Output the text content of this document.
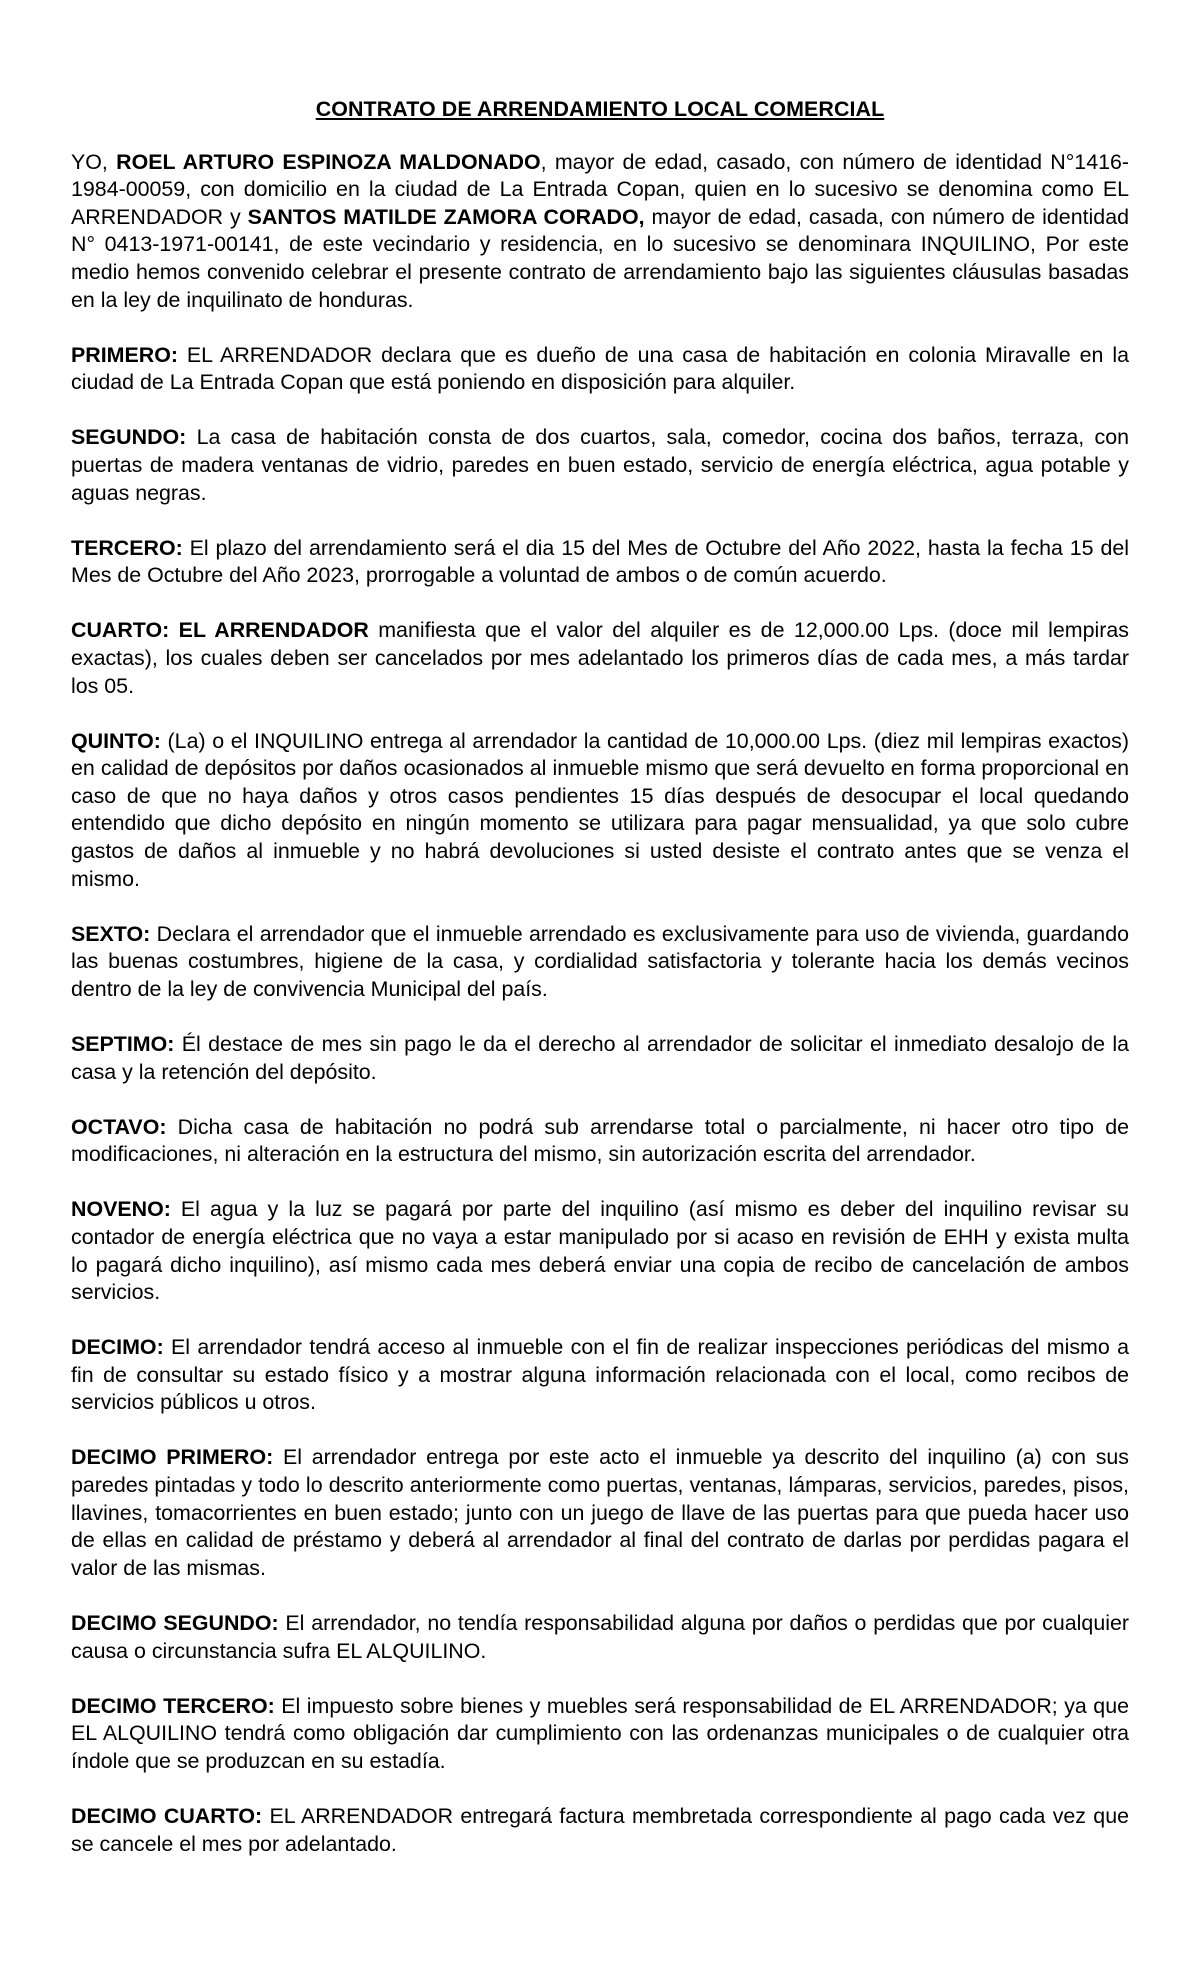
CONTRATO DE ARRENDAMIENTO LOCAL COMERCIAL

YO, ROEL ARTURO ESPINOZA MALDONADO, mayor de edad, casado, con número de identidad N°1416-1984-00059, con domicilio en la ciudad de La Entrada Copan, quien en lo sucesivo se denomina como EL ARRENDADOR y SANTOS MATILDE ZAMORA CORADO, mayor de edad, casada, con número de identidad N° 0413-1971-00141, de este vecindario y residencia, en lo sucesivo se denominara INQUILINO, Por este medio hemos convenido celebrar el presente contrato de arrendamiento bajo las siguientes cláusulas basadas en la ley de inquilinato de honduras.

PRIMERO: EL ARRENDADOR declara que es dueño de una casa de habitación en colonia Miravalle en la ciudad de La Entrada Copan que está poniendo en disposición para alquiler.

SEGUNDO: La casa de habitación consta de dos cuartos, sala, comedor, cocina dos baños, terraza, con puertas de madera ventanas de vidrio, paredes en buen estado, servicio de energía eléctrica, agua potable y aguas negras.

TERCERO: El plazo del arrendamiento será el dia 15 del Mes de Octubre del Año 2022, hasta la fecha 15 del Mes de Octubre del Año 2023, prorrogable a voluntad de ambos o de común acuerdo.

CUARTO: EL ARRENDADOR manifiesta que el valor del alquiler es de 12,000.00 Lps. (doce mil lempiras exactas), los cuales deben ser cancelados por mes adelantado los primeros días de cada mes, a más tardar los 05.

QUINTO: (La) o el INQUILINO entrega al arrendador la cantidad de 10,000.00 Lps. (diez mil lempiras exactos) en calidad de depósitos por daños ocasionados al inmueble mismo que será devuelto en forma proporcional en caso de que no haya daños y otros casos pendientes 15 días después de desocupar el local quedando entendido que dicho depósito en ningún momento se utilizara para pagar mensualidad, ya que solo cubre gastos de daños al inmueble y no habrá devoluciones si usted desiste el contrato antes que se venza el mismo.

SEXTO: Declara el arrendador que el inmueble arrendado es exclusivamente para uso de vivienda, guardando las buenas costumbres, higiene de la casa, y cordialidad satisfactoria y tolerante hacia los demás vecinos dentro de la ley de convivencia Municipal del país.

SEPTIMO: Él destace de mes sin pago le da el derecho al arrendador de solicitar el inmediato desalojo de la casa y la retención del depósito.

OCTAVO: Dicha casa de habitación no podrá sub arrendarse total o parcialmente, ni hacer otro tipo de modificaciones, ni alteración en la estructura del mismo, sin autorización escrita del arrendador.

NOVENO: El agua y la luz se pagará por parte del inquilino (así mismo es deber del inquilino revisar su contador de energía eléctrica que no vaya a estar manipulado por si acaso en revisión de EHH y exista multa lo pagará dicho inquilino), así mismo cada mes deberá enviar una copia de recibo de cancelación de ambos servicios.

DECIMO: El arrendador tendrá acceso al inmueble con el fin de realizar inspecciones periódicas del mismo a fin de consultar su estado físico y a mostrar alguna información relacionada con el local, como recibos de servicios públicos u otros.

DECIMO PRIMERO: El arrendador entrega por este acto el inmueble ya descrito del inquilino (a) con sus paredes pintadas y todo lo descrito anteriormente como puertas, ventanas, lámparas, servicios, paredes, pisos, llavines, tomacorrientes en buen estado; junto con un juego de llave de las puertas para que pueda hacer uso de ellas en calidad de préstamo y deberá al arrendador al final del contrato de darlas por perdidas pagara el valor de las mismas.

DECIMO SEGUNDO: El arrendador, no tendía responsabilidad alguna por daños o perdidas que por cualquier causa o circunstancia sufra EL ALQUILINO.

DECIMO TERCERO: El impuesto sobre bienes y muebles será responsabilidad de EL ARRENDADOR; ya que EL ALQUILINO tendrá como obligación dar cumplimiento con las ordenanzas municipales o de cualquier otra índole que se produzcan en su estadía.

DECIMO CUARTO: EL ARRENDADOR entregará factura membretada correspondiente al pago cada vez que se cancele el mes por adelantado.
